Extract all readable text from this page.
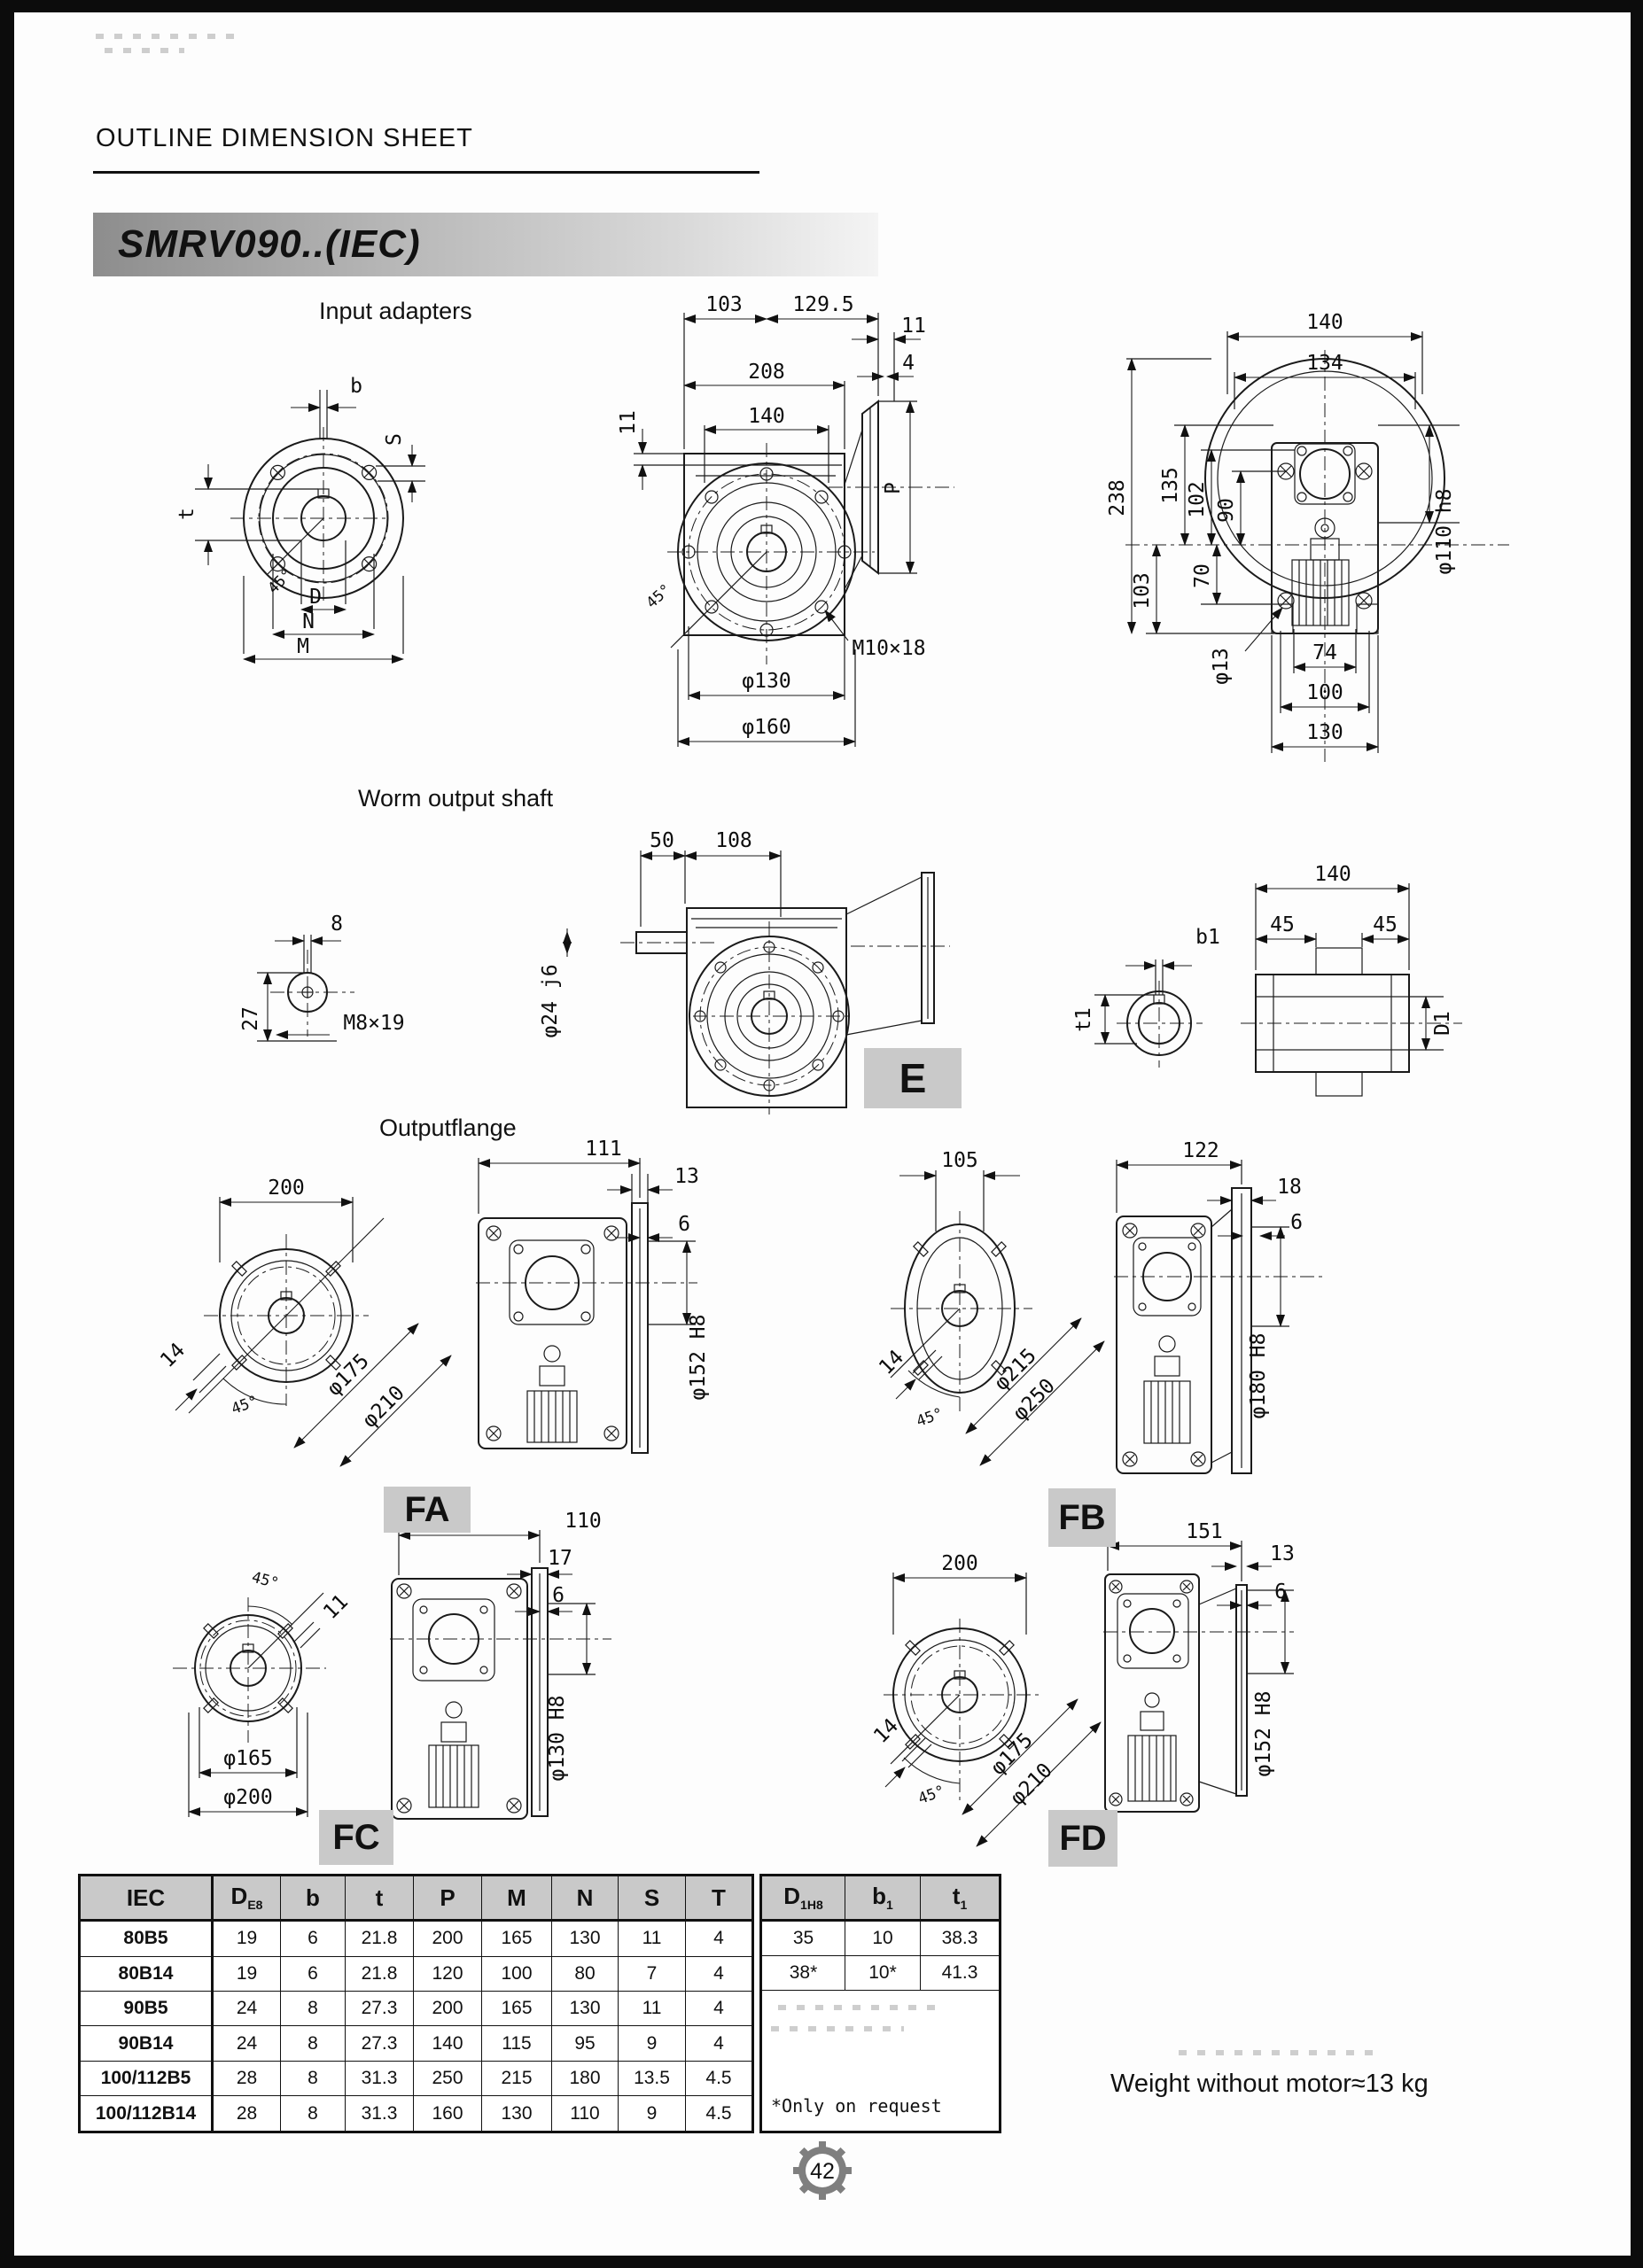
OUTLINE DIMENSION SHEET
SMRV090..(IEC)
Input adapters
Worm output shaft
Outputflange
b
S
t
D
N
M
45°
103 129.5
11
4
208
140
11
P
45°
M10×18
φ130
φ160
140
134
238 135 102 90
70
103
φ13
φ110 h8
74
100
130
8
27	M8×19
50 108
φ24 j6
b1
t1
140
45	45
D1
200
14
45°
φ175
φ210
111
13
6
φ152 H8
105
14
45°
φ215
φ250
122
18
6
φ180 H8
45°
11
φ165
φ200
110
17
6
φ130 H8
200
14
45°
φ175
φ210
151
13
6
φ152 H8
E
FA	FB
FC	FD
IEC	$D_{E8}$	b	t	P	M	N	S	T
80B5	19	6	21.8	200	165	130	11	4
80B14	19	6	21.8	120	100	80	7	4
90B5	24	8	27.3	200	165	130	11	4
90B14	24	8	27.3	140	115	95	9	4
100/112B5	28	8	31.3	250	215	180	13.5	4.5
100/112B14	28	8	31.3	160	130	110	9	4.5
$D_{1H8}$	$b_1$	$t_1$
35	10	38.3
38*	10*	41.3

*Only on request		
Weight without motor≈13 kg
42
